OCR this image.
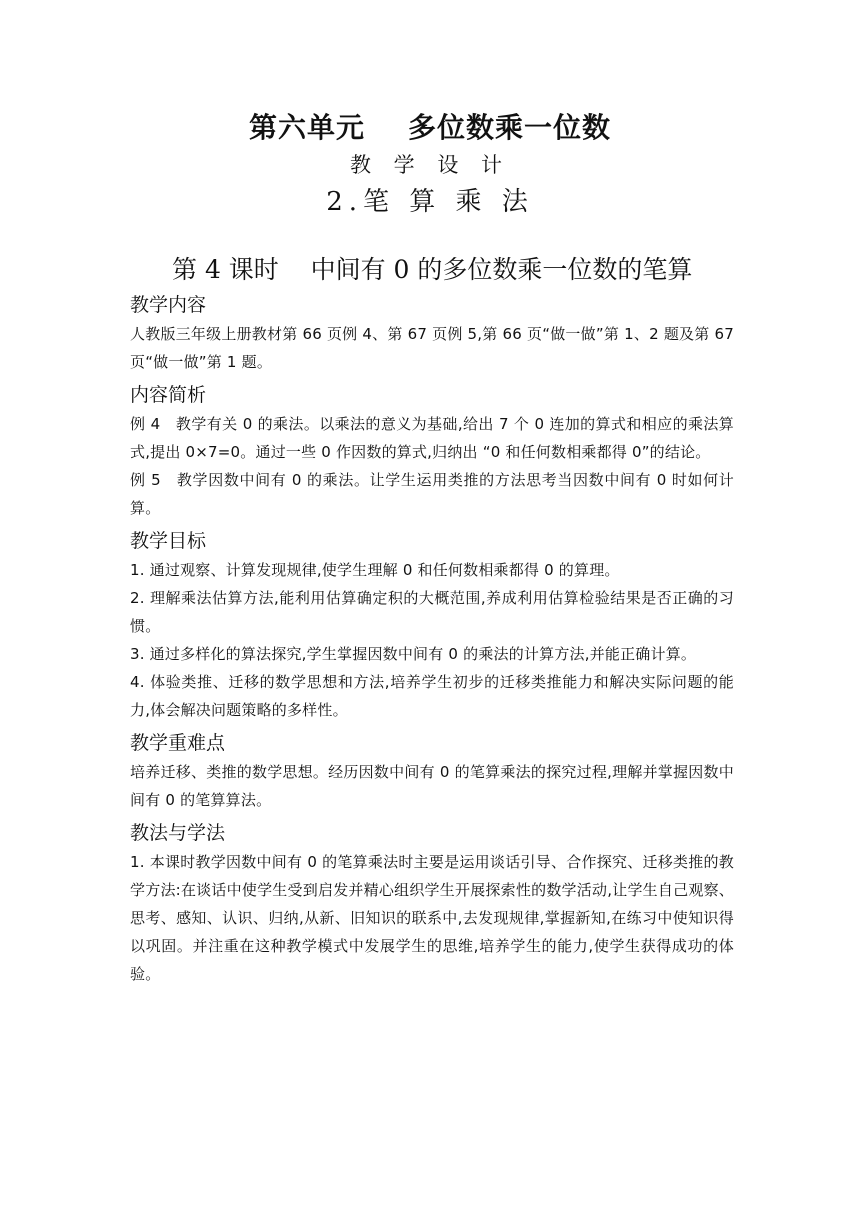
第六单元    多位数乘一位数
教 学 设 计
2.笔 算 乘 法
第 4 课时    中间有 0 的多位数乘一位数的笔算
教学内容

人教版三年级上册教材第 66 页例 4、第 67 页例 5,第 66 页“做一做”第 1、2 题及第 67 页“做一做”第 1 题。

内容简析

例 4　教学有关 0 的乘法。以乘法的意义为基础,给出 7 个 0 连加的算式和相应的乘法算式,提出 0×7=0。通过一些 0 作因数的算式,归纳出 “0 和任何数相乘都得 0”的结论。

例 5　教学因数中间有 0 的乘法。让学生运用类推的方法思考当因数中间有 0 时如何计算。

教学目标

1. 通过观察、计算发现规律,使学生理解 0 和任何数相乘都得 0 的算理。

2. 理解乘法估算方法,能利用估算确定积的大概范围,养成利用估算检验结果是否正确的习惯。

3. 通过多样化的算法探究,学生掌握因数中间有 0 的乘法的计算方法,并能正确计算。

4. 体验类推、迁移的数学思想和方法,培养学生初步的迁移类推能力和解决实际问题的能力,体会解决问题策略的多样性。

教学重难点

培养迁移、类推的数学思想。经历因数中间有 0 的笔算乘法的探究过程,理解并掌握因数中间有 0 的笔算算法。

教法与学法

1. 本课时教学因数中间有 0 的笔算乘法时主要是运用谈话引导、合作探究、迁移类推的教学方法:在谈话中使学生受到启发并精心组织学生开展探索性的数学活动,让学生自己观察、思考、感知、认识、归纳,从新、旧知识的联系中,去发现规律,掌握新知,在练习中使知识得以巩固。并注重在这种教学模式中发展学生的思维,培养学生的能力,使学生获得成功的体验。
